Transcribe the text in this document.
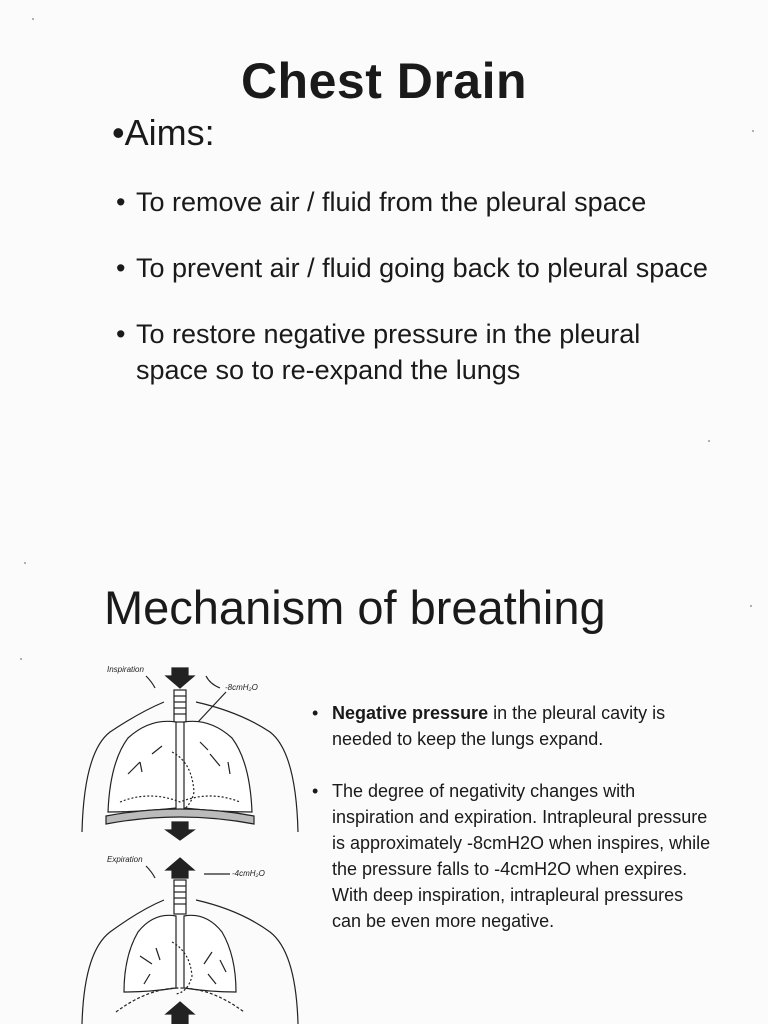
Chest Drain
•Aims:
• To remove air / fluid from the pleural space
• To prevent air / fluid going back to pleural space
• To restore negative pressure in the pleural space so to re-expand the lungs
Mechanism of breathing
Inspiration
-8cmH₂O
Expiration
-4cmH₂O
• Negative pressure in the pleural cavity is needed to keep the lungs expand.
• The degree of negativity changes with inspiration and expiration. Intrapleural pressure is approximately -8cmH2O when inspires, while the pressure falls to -4cmH2O when expires. With deep inspiration, intrapleural pressures can be even more negative.
